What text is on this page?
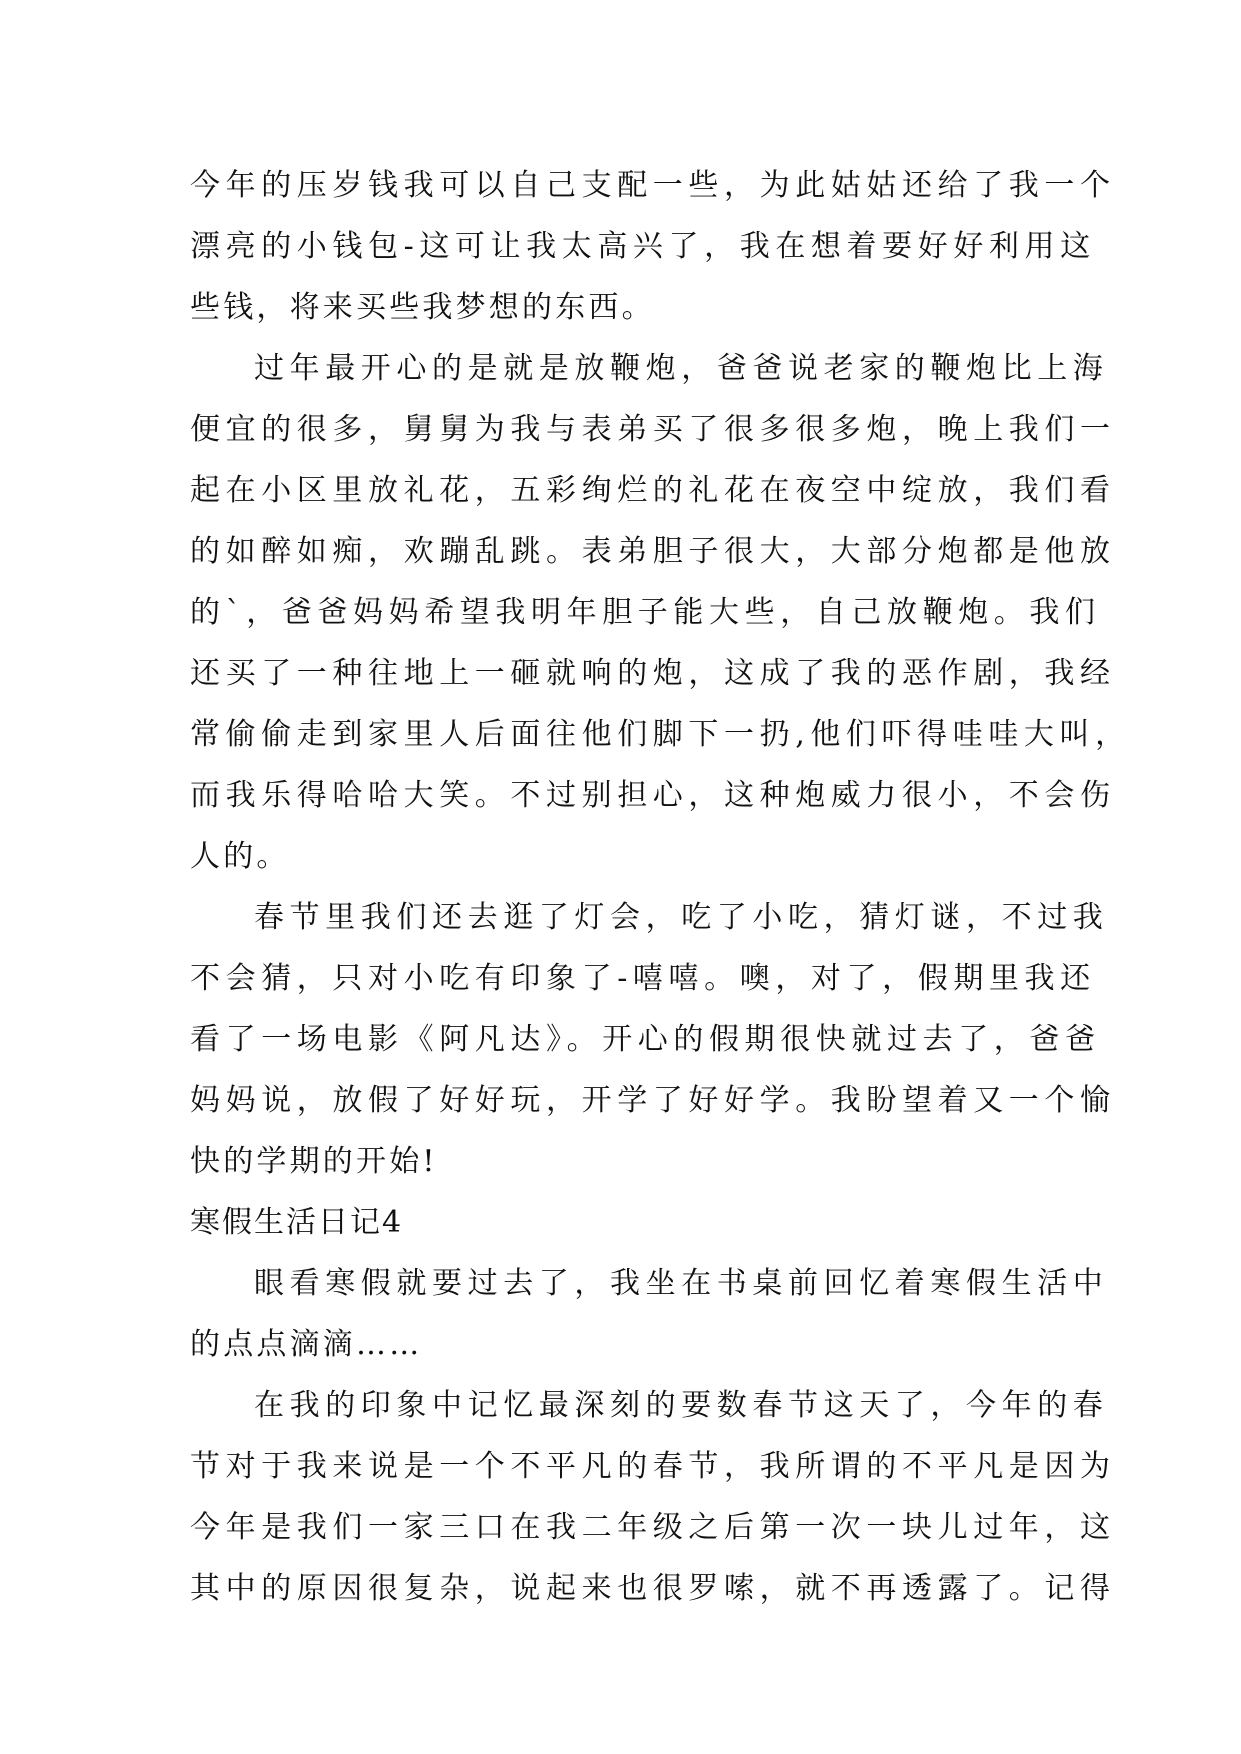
今年的压岁钱我可以自己支配一些，为此姑姑还给了我一个
漂亮的小钱包-这可让我太高兴了，我在想着要好好利用这
些钱，将来买些我梦想的东西。
过年最开心的是就是放鞭炮，爸爸说老家的鞭炮比上海
便宜的很多，舅舅为我与表弟买了很多很多炮，晚上我们一
起在小区里放礼花，五彩绚烂的礼花在夜空中绽放，我们看
的如醉如痴，欢蹦乱跳。表弟胆子很大，大部分炮都是他放
的`，爸爸妈妈希望我明年胆子能大些，自己放鞭炮。我们
还买了一种往地上一砸就响的炮，这成了我的恶作剧，我经
常偷偷走到家里人后面往他们脚下一扔,他们吓得哇哇大叫，
而我乐得哈哈大笑。不过别担心，这种炮威力很小，不会伤
人的。
春节里我们还去逛了灯会，吃了小吃，猜灯谜，不过我
不会猜，只对小吃有印象了-嘻嘻。噢，对了，假期里我还
看了一场电影《阿凡达》。开心的假期很快就过去了，爸爸
妈妈说，放假了好好玩，开学了好好学。我盼望着又一个愉
快的学期的开始!
寒假生活日记4
眼看寒假就要过去了，我坐在书桌前回忆着寒假生活中
的点点滴滴……
在我的印象中记忆最深刻的要数春节这天了，今年的春
节对于我来说是一个不平凡的春节，我所谓的不平凡是因为
今年是我们一家三口在我二年级之后第一次一块儿过年，这
其中的原因很复杂，说起来也很罗嗦，就不再透露了。记得
